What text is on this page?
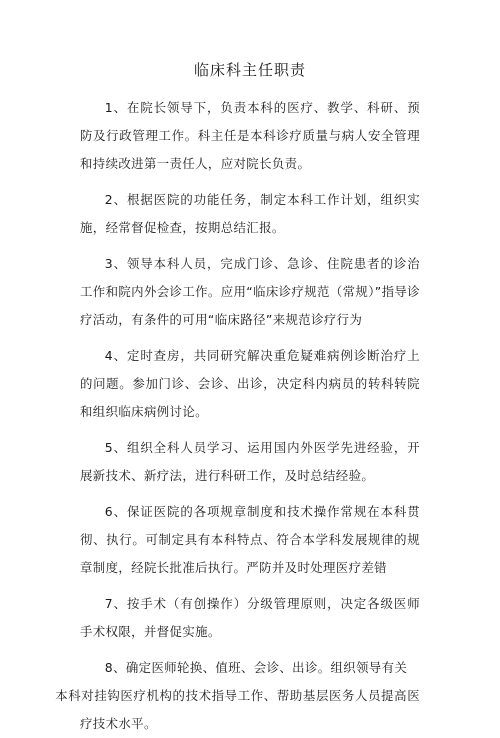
临床科主任职责

1、在院长领导下，负责本科的医疗、教学、科研、预防及行政管理工作。科主任是本科诊疗质量与病人安全管理和持续改进第一责任人，应对院长负责。

2、根据医院的功能任务，制定本科工作计划，组织实施，经常督促检查，按期总结汇报。

3、领导本科人员，完成门诊、急诊、住院患者的诊治工作和院内外会诊工作。应用“临床诊疗规范（常规）”指导诊疗活动，有条件的可用“临床路径”来规范诊疗行为

4、定时查房，共同研究解决重危疑难病例诊断治疗上的问题。参加门诊、会诊、出诊，决定科内病员的转科转院和组织临床病例讨论。

5、组织全科人员学习、运用国内外医学先进经验，开展新技术、新疗法，进行科研工作，及时总结经验。

6、保证医院的各项规章制度和技术操作常规在本科贯彻、执行。可制定具有本科特点、符合本学科发展规律的规章制度，经院长批准后执行。严防并及时处理医疗差错

7、按手术（有创操作）分级管理原则，决定各级医师手术权限，并督促实施。

8、确定医师轮换、值班、会诊、出诊。组织领导有关
本科对挂钩医疗机构的技术指导工作、帮助基层医务人员提高医疗技术水平。
